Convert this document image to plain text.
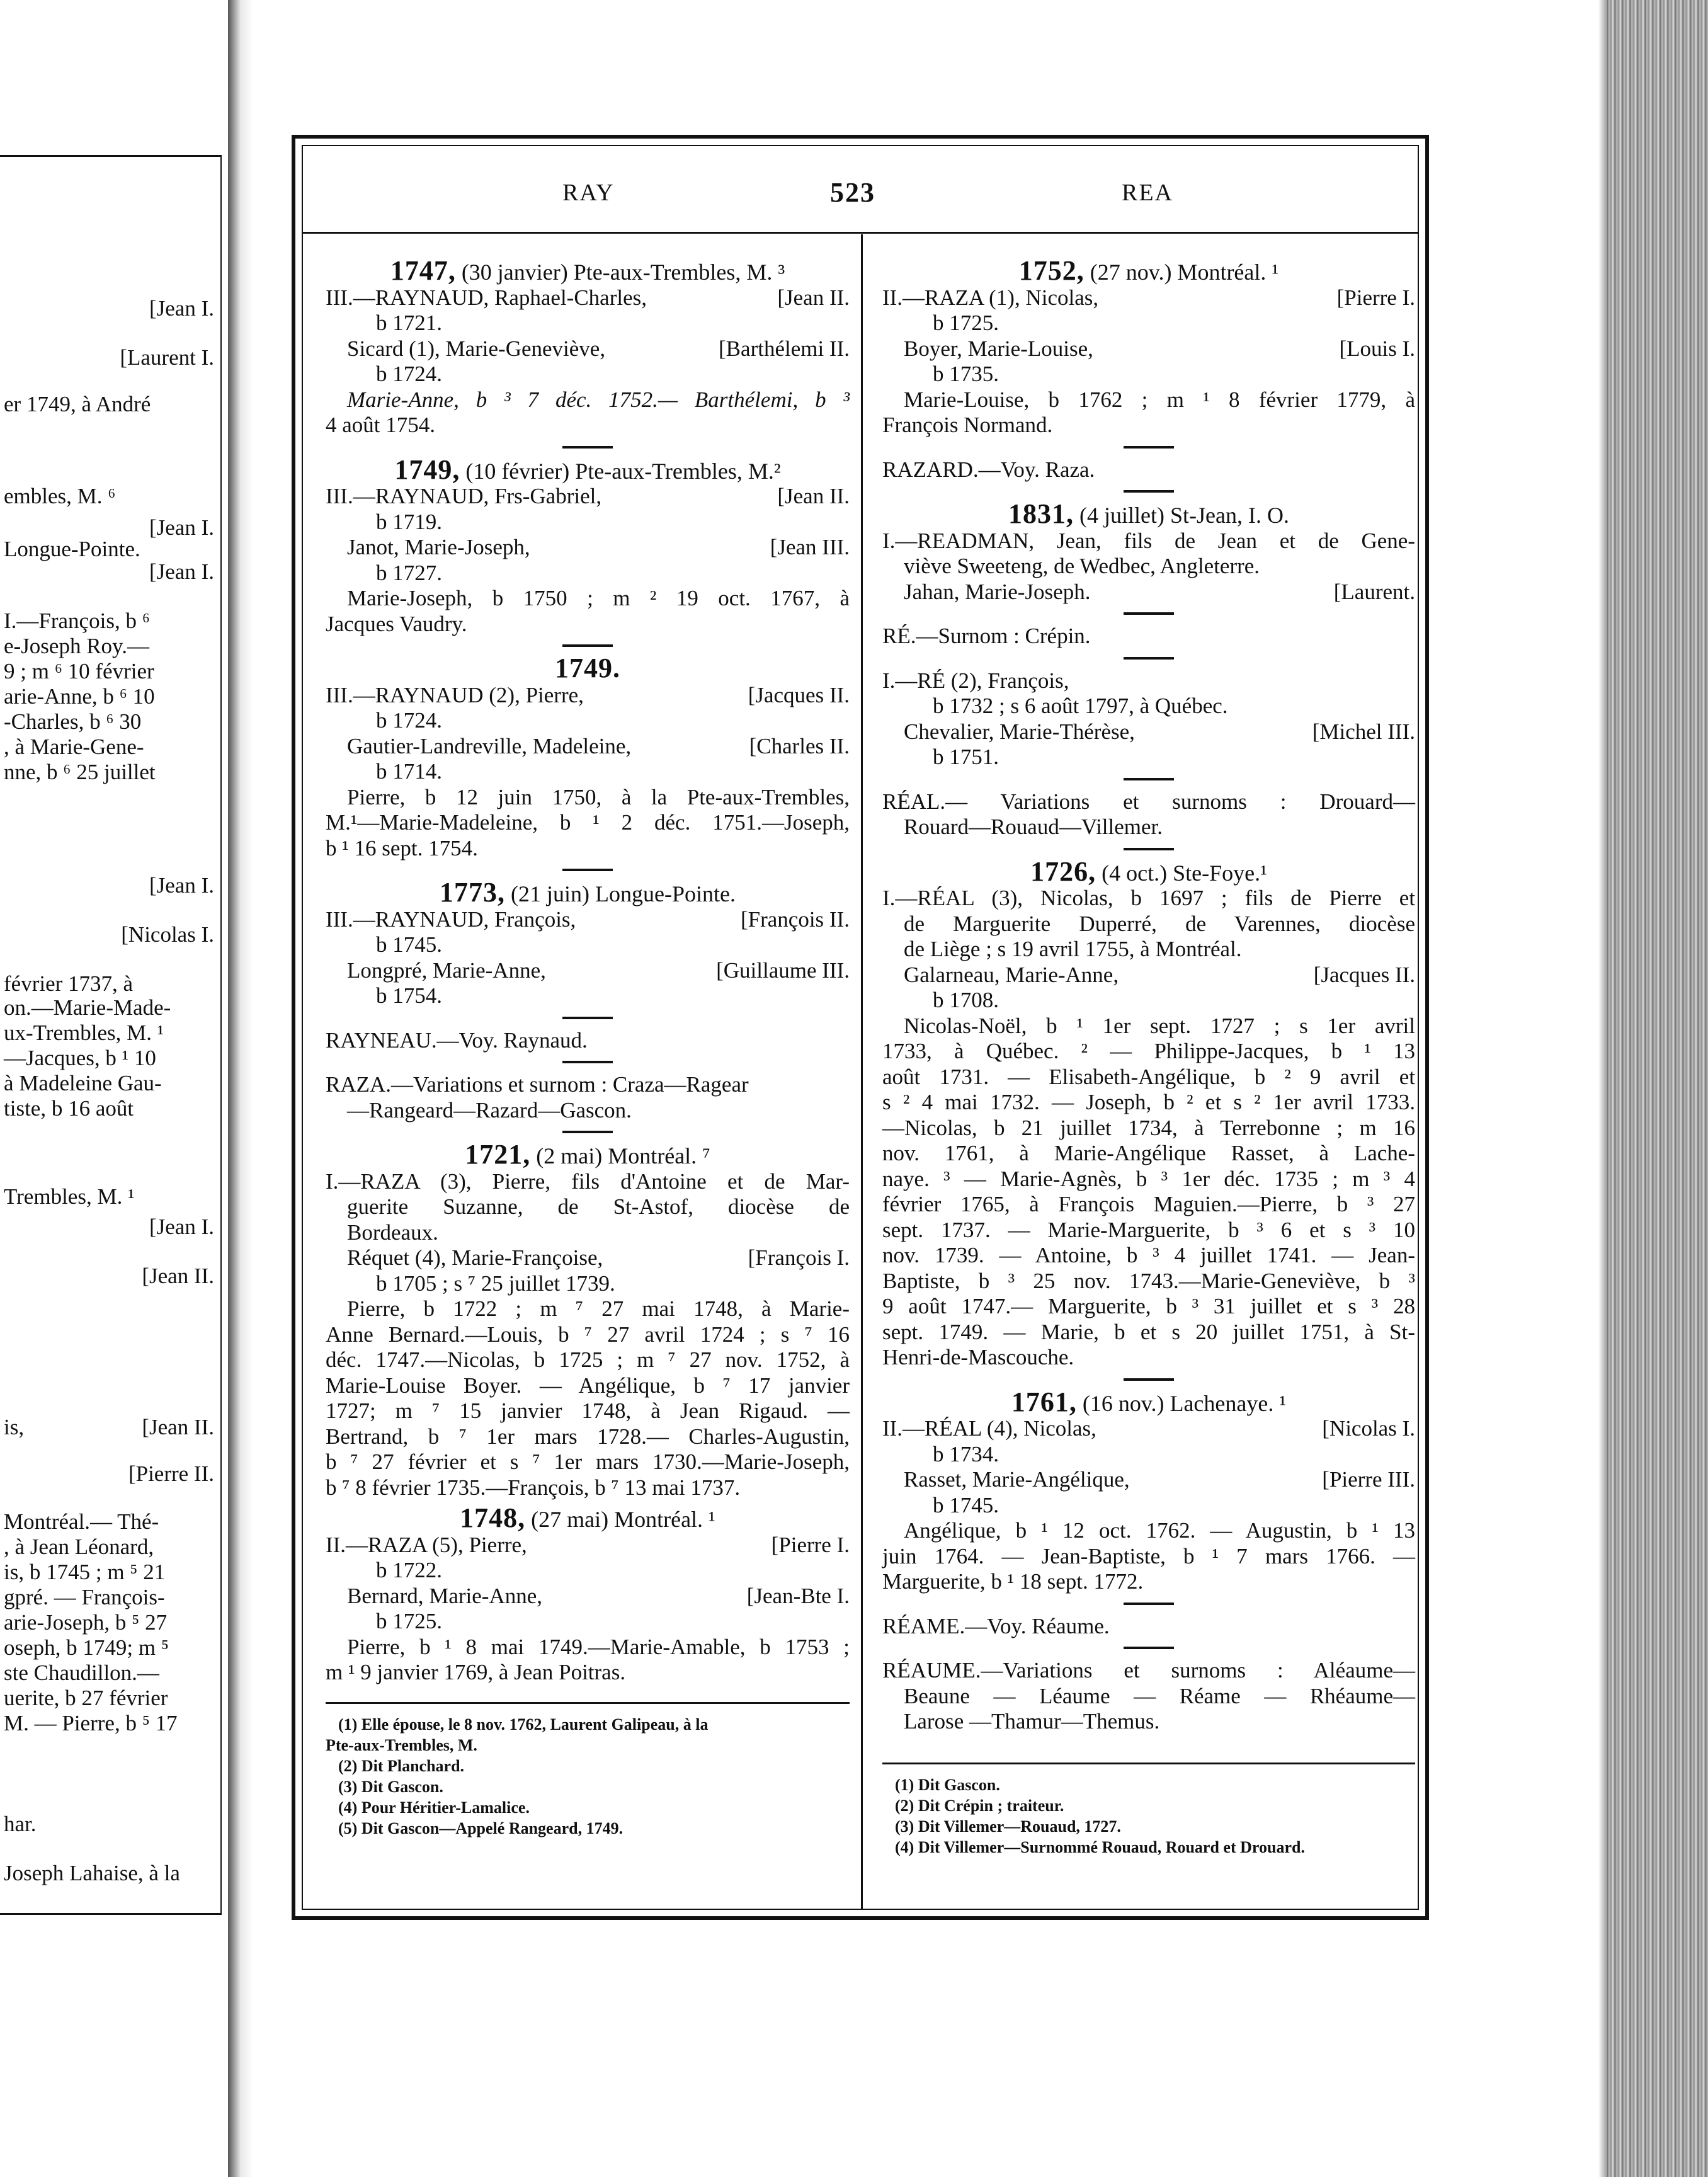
[Jean I.
[Laurent I.
er 1749, à André
embles, M. ⁶
[Jean I.
Longue-Pointe.
[Jean I.
I.—François, b ⁶
e-Joseph Roy.—
9 ; m ⁶ 10 février
arie-Anne, b ⁶ 10
-Charles, b ⁶ 30
, à Marie-Gene-
nne, b ⁶ 25 juillet
[Jean I.
[Nicolas I.
février 1737, à
on.—Marie-Made-
ux-Trembles, M. ¹
—Jacques, b ¹ 10
à Madeleine Gau-
tiste, b 16 août
Trembles, M. ¹
[Jean I.
[Jean II.
is,	[Jean II.
[Pierre II.
Montréal.— Thé-
, à Jean Léonard,
is, b 1745 ; m ⁵ 21
gpré. — François-
arie-Joseph, b ⁵ 27
oseph, b 1749; m ⁵
ste Chaudillon.—
uerite, b 27 février
M. — Pierre, b ⁵ 17
har.
Joseph Lahaise, à la
RAY	523	REA

1747, (30 janvier) Pte-aux-Trembles, M. ³

III.—RAYNAUD, Raphael-Charles,	[Jean II.

b 1721.

Sicard (1), Marie-Geneviève,	[Barthélemi II.

b 1724.

Marie-Anne, b ³ 7 déc. 1752.— Barthélemi, b ³

4 août 1754.

1749, (10 février) Pte-aux-Trembles, M.²

III.—RAYNAUD, Frs-Gabriel,	[Jean II.

b 1719.

Janot, Marie-Joseph,	[Jean III.

b 1727.

Marie-Joseph, b 1750 ; m ² 19 oct. 1767, à

Jacques Vaudry.

1749.

III.—RAYNAUD (2), Pierre,	[Jacques II.

b 1724.

Gautier-Landreville, Madeleine,	[Charles II.

b 1714.

Pierre, b 12 juin 1750, à la Pte-aux-Trembles,

M.¹—Marie-Madeleine, b ¹ 2 déc. 1751.—Joseph,

b ¹ 16 sept. 1754.

1773, (21 juin) Longue-Pointe.

III.—RAYNAUD, François,	[François II.

b 1745.

Longpré, Marie-Anne,	[Guillaume III.

b 1754.

RAYNEAU.—Voy. Raynaud.

RAZA.—Variations et surnom : Craza—Ragear

—Rangeard—Razard—Gascon.

1721, (2 mai) Montréal. ⁷

I.—RAZA (3), Pierre, fils d'Antoine et de Mar-

guerite Suzanne, de St-Astof, diocèse de

Bordeaux.

Réquet (4), Marie-Françoise,	[François I.

b 1705 ; s ⁷ 25 juillet 1739.

Pierre, b 1722 ; m ⁷ 27 mai 1748, à Marie-

Anne Bernard.—Louis, b ⁷ 27 avril 1724 ; s ⁷ 16

déc. 1747.—Nicolas, b 1725 ; m ⁷ 27 nov. 1752, à

Marie-Louise Boyer. — Angélique, b ⁷ 17 janvier

1727; m ⁷ 15 janvier 1748, à Jean Rigaud. —

Bertrand, b ⁷ 1er mars 1728.— Charles-Augustin,

b ⁷ 27 février et s ⁷ 1er mars 1730.—Marie-Joseph,

b ⁷ 8 février 1735.—François, b ⁷ 13 mai 1737.

1748, (27 mai) Montréal. ¹

II.—RAZA (5), Pierre,	[Pierre I.

b 1722.

Bernard, Marie-Anne,	[Jean-Bte I.

b 1725.

Pierre, b ¹ 8 mai 1749.—Marie-Amable, b 1753 ;

m ¹ 9 janvier 1769, à Jean Poitras.

(1) Elle épouse, le 8 nov. 1762, Laurent Galipeau, à la

Pte-aux-Trembles, M.

(2) Dit Planchard.

(3) Dit Gascon.

(4) Pour Héritier-Lamalice.

(5) Dit Gascon—Appelé Rangeard, 1749.

1752, (27 nov.) Montréal. ¹

II.—RAZA (1), Nicolas,	[Pierre I.

b 1725.

Boyer, Marie-Louise,	[Louis I.

b 1735.

Marie-Louise, b 1762 ; m ¹ 8 février 1779, à

François Normand.

RAZARD.—Voy. Raza.

1831, (4 juillet) St-Jean, I. O.

I.—READMAN, Jean, fils de Jean et de Gene-

viève Sweeteng, de Wedbec, Angleterre.

Jahan, Marie-Joseph.	[Laurent.

RÉ.—Surnom : Crépin.

I.—RÉ (2), François,

b 1732 ; s 6 août 1797, à Québec.

Chevalier, Marie-Thérèse,	[Michel III.

b 1751.

RÉAL.— Variations et surnoms : Drouard—

Rouard—Rouaud—Villemer.

1726, (4 oct.) Ste-Foye.¹

I.—RÉAL (3), Nicolas, b 1697 ; fils de Pierre et

de Marguerite Duperré, de Varennes, diocèse

de Liège ; s 19 avril 1755, à Montréal.

Galarneau, Marie-Anne,	[Jacques II.

b 1708.

Nicolas-Noël, b ¹ 1er sept. 1727 ; s 1er avril

1733, à Québec. ² — Philippe-Jacques, b ¹ 13

août 1731. — Elisabeth-Angélique, b ² 9 avril et

s ² 4 mai 1732. — Joseph, b ² et s ² 1er avril 1733.

—Nicolas, b 21 juillet 1734, à Terrebonne ; m 16

nov. 1761, à Marie-Angélique Rasset, à Lache-

naye. ³ — Marie-Agnès, b ³ 1er déc. 1735 ; m ³ 4

février 1765, à François Maguien.—Pierre, b ³ 27

sept. 1737. — Marie-Marguerite, b ³ 6 et s ³ 10

nov. 1739. — Antoine, b ³ 4 juillet 1741. — Jean-

Baptiste, b ³ 25 nov. 1743.—Marie-Geneviève, b ³

9 août 1747.— Marguerite, b ³ 31 juillet et s ³ 28

sept. 1749. — Marie, b et s 20 juillet 1751, à St-

Henri-de-Mascouche.

1761, (16 nov.) Lachenaye. ¹

II.—RÉAL (4), Nicolas,	[Nicolas I.

b 1734.

Rasset, Marie-Angélique,	[Pierre III.

b 1745.

Angélique, b ¹ 12 oct. 1762. — Augustin, b ¹ 13

juin 1764. — Jean-Baptiste, b ¹ 7 mars 1766. —

Marguerite, b ¹ 18 sept. 1772.

RÉAME.—Voy. Réaume.

RÉAUME.—Variations et surnoms : Aléaume—

Beaune — Léaume — Réame — Rhéaume—

Larose —Thamur—Themus.

(1) Dit Gascon.

(2) Dit Crépin ; traiteur.

(3) Dit Villemer—Rouaud, 1727.

(4) Dit Villemer—Surnommé Rouaud, Rouard et Drouard.
